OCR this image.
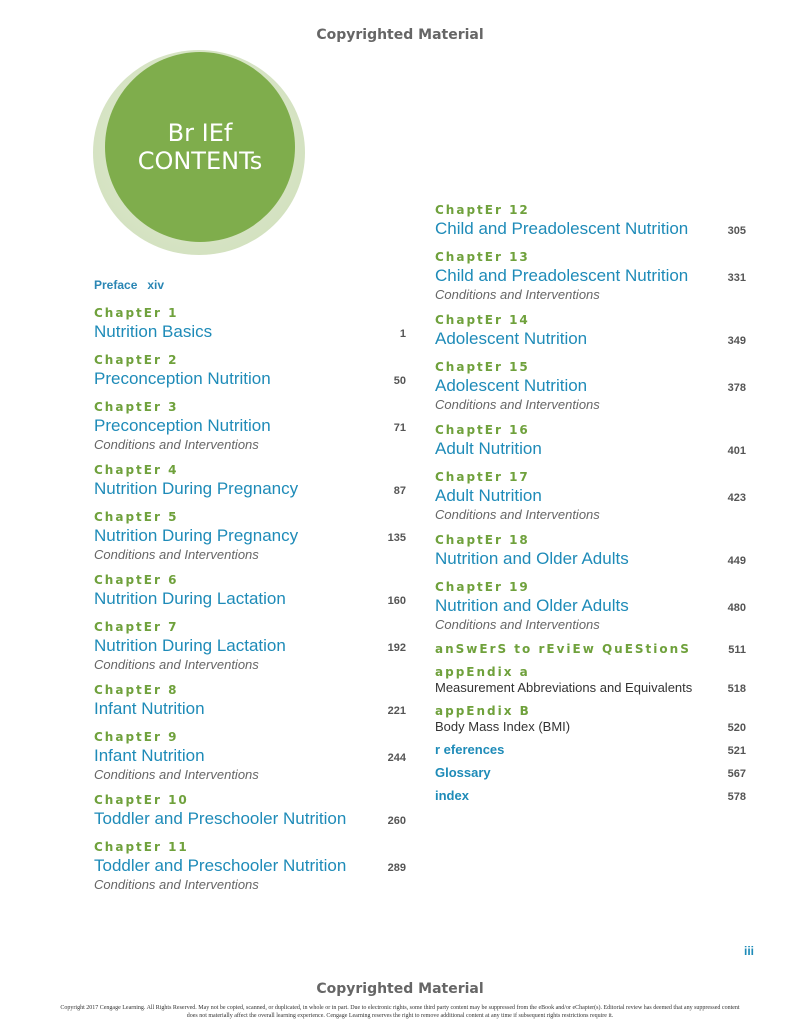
Copyrighted Material
Br IEf
CONTENTs
Preface xiv
ChaptEr 1
Nutrition Basics	1
ChaptEr 2
Preconception Nutrition	50
ChaptEr 3
Preconception Nutrition	71
Conditions and Interventions
ChaptEr 4
Nutrition During Pregnancy	87
ChaptEr 5
Nutrition During Pregnancy	135
Conditions and Interventions
ChaptEr 6
Nutrition During Lactation	160
ChaptEr 7
Nutrition During Lactation	192
Conditions and Interventions
ChaptEr 8
Infant Nutrition	221
ChaptEr 9
Infant Nutrition	244
Conditions and Interventions
ChaptEr 10
Toddler and Preschooler Nutrition	260
ChaptEr 11
Toddler and Preschooler Nutrition	289
Conditions and Interventions
ChaptEr 12
Child and Preadolescent Nutrition	305
ChaptEr 13
Child and Preadolescent Nutrition	331
Conditions and Interventions
ChaptEr 14
Adolescent Nutrition	349
ChaptEr 15
Adolescent Nutrition	378
Conditions and Interventions
ChaptEr 16
Adult Nutrition	401
ChaptEr 17
Adult Nutrition	423
Conditions and Interventions
ChaptEr 18
Nutrition and Older Adults	449
ChaptEr 19
Nutrition and Older Adults	480
Conditions and Interventions
anSwErS to rEviEw QuEStionS	511
appEndix a
Measurement Abbreviations and Equivalents	518
appEndix B
Body Mass Index (BMI)	520
r eferences	521
Glossary	567
index	578
iii
Copyrighted Material
Copyright 2017 Cengage Learning. All Rights Reserved. May not be copied, scanned, or duplicated, in whole or in part. Due to electronic rights, some third party content may be suppressed from the eBook and/or eChapter(s). Editorial review has deemed that any suppressed content does not materially affect the overall learning experience. Cengage Learning reserves the right to remove additional content at any time if subsequent rights restrictions require it.
